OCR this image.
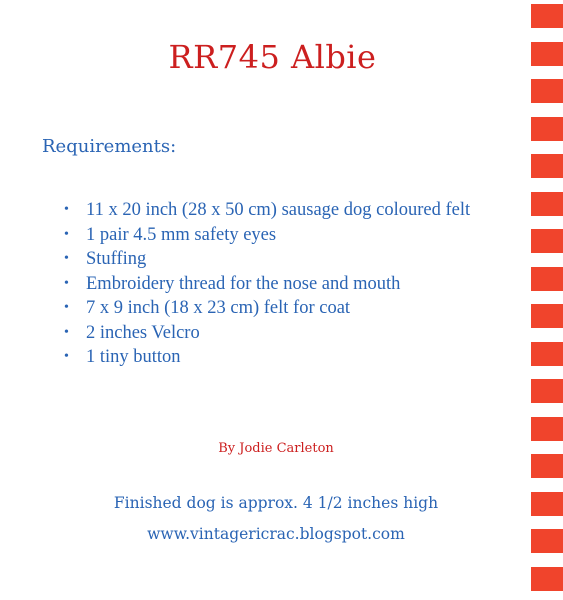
RR745 Albie
Requirements:
• 11 x 20 inch (28 x 50 cm) sausage dog coloured felt
• 1 pair 4.5 mm safety eyes
• Stuffing
• Embroidery thread for the nose and mouth
• 7 x 9 inch (18 x 23 cm) felt for coat
• 2 inches Velcro
• 1 tiny button
By Jodie Carleton
Finished dog is approx. 4 1/2 inches high
www.vintagericrac.blogspot.com
